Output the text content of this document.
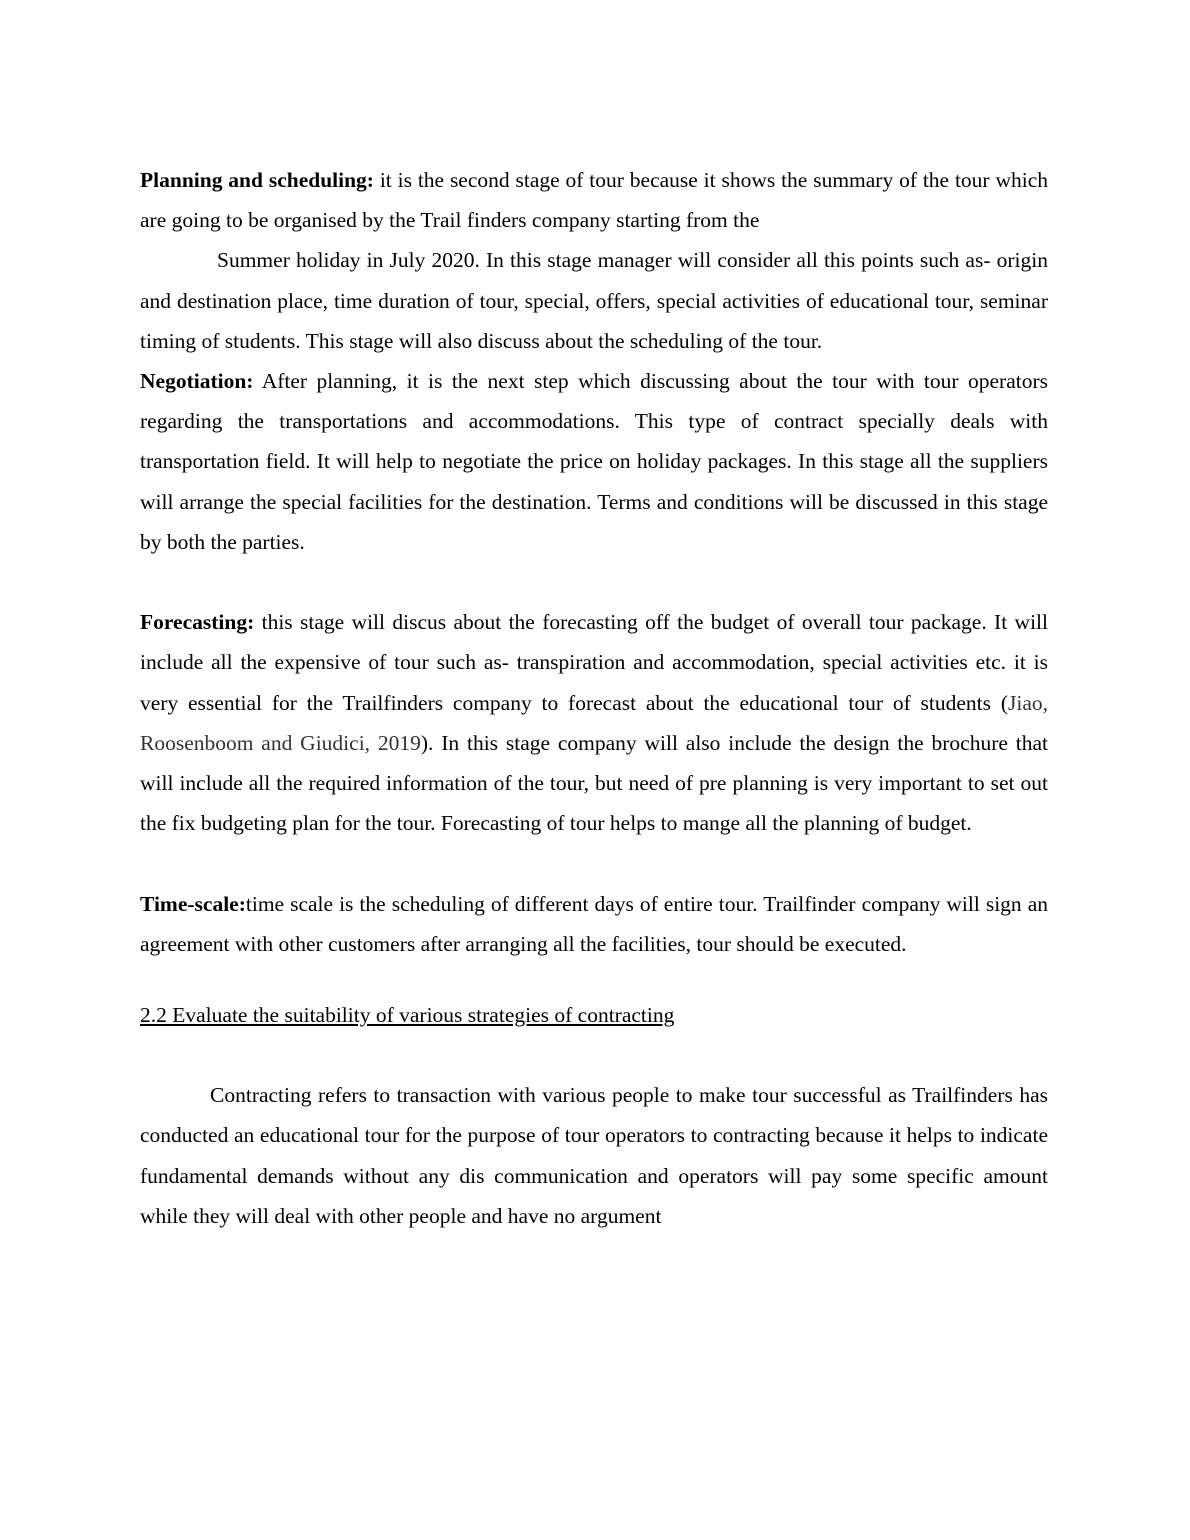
Planning and scheduling: it is the second stage of tour because it shows the summary of the tour which are going to be organised by the Trail finders company starting from the

Summer holiday in July 2020. In this stage manager will consider all this points such as- origin and destination place, time duration of tour, special, offers, special activities of educational tour, seminar timing of students. This stage will also discuss about the scheduling of the tour.

Negotiation: After planning, it is the next step which discussing about the tour with tour operators regarding the transportations and accommodations. This type of contract specially deals with transportation field. It will help to negotiate the price on holiday packages. In this stage all the suppliers will arrange the special facilities for the destination. Terms and conditions will be discussed in this stage by both the parties.

Forecasting: this stage will discus about the forecasting off the budget of overall tour package. It will include all the expensive of tour such as- transpiration and accommodation, special activities etc. it is very essential for the Trailfinders company to forecast about the educational tour of students (Jiao, Roosenboom and Giudici, 2019). In this stage company will also include the design the brochure that will include all the required information of the tour, but need of pre planning is very important to set out the fix budgeting plan for the tour. Forecasting of tour helps to mange all the planning of budget.

Time-scale:time scale is the scheduling of different days of entire tour. Trailfinder company will sign an agreement with other customers after arranging all the facilities, tour should be executed.

2.2 Evaluate the suitability of various strategies of contracting

Contracting refers to transaction with various people to make tour successful as Trailfinders has conducted an educational tour for the purpose of tour operators to contracting because it helps to indicate fundamental demands without any dis communication and operators will pay some specific amount while they will deal with other people and have no argument
